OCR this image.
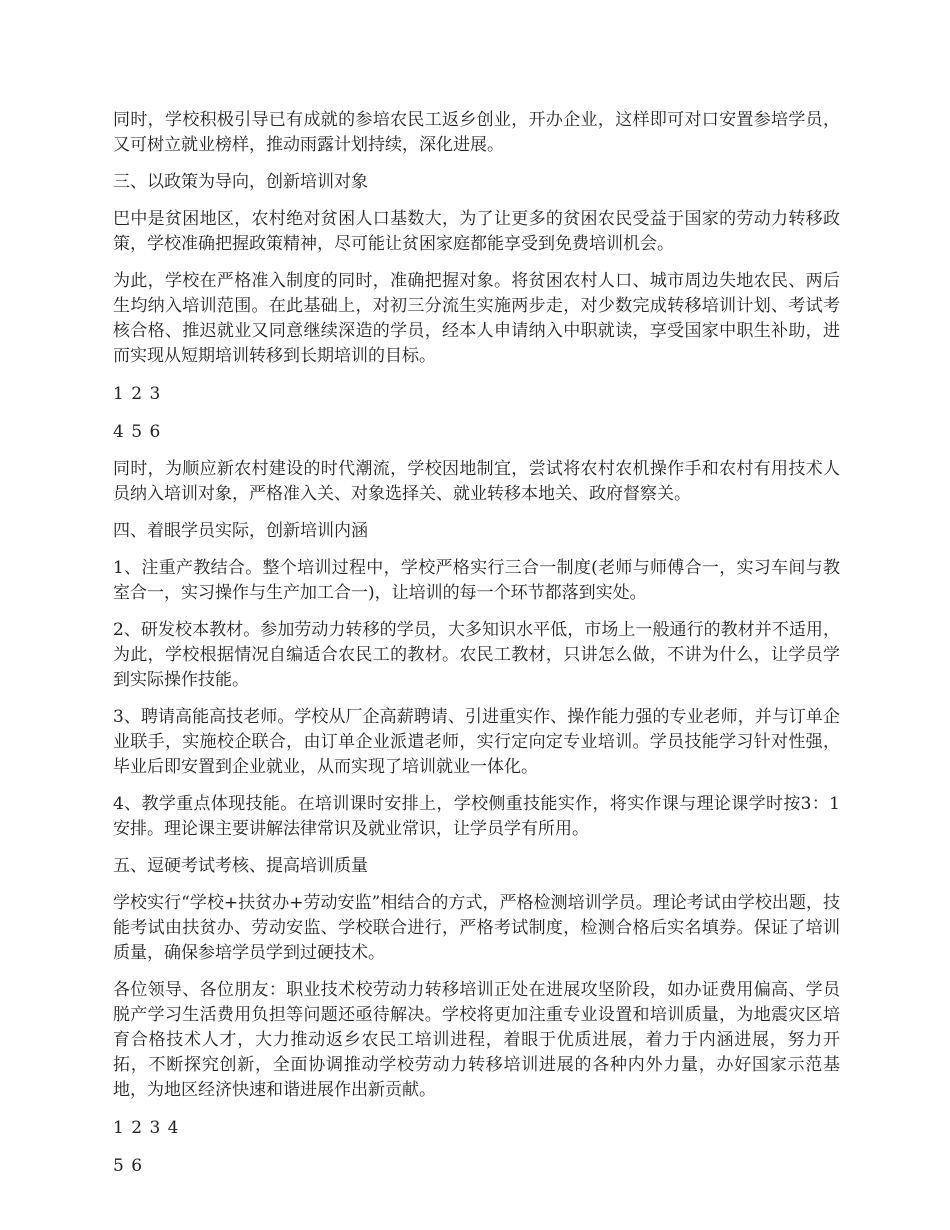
同时，学校积极引导已有成就的参培农民工返乡创业，开办企业，这样即可对口安置参培学员，又可树立就业榜样，推动雨露计划持续，深化进展。

三、以政策为导向，创新培训对象

巴中是贫困地区，农村绝对贫困人口基数大，为了让更多的贫困农民受益于国家的劳动力转移政策，学校准确把握政策精神，尽可能让贫困家庭都能享受到免费培训机会。

为此，学校在严格准入制度的同时，准确把握对象。将贫困农村人口、城市周边失地农民、两后生均纳入培训范围。在此基础上，对初三分流生实施两步走，对少数完成转移培训计划、考试考核合格、推迟就业又同意继续深造的学员，经本人申请纳入中职就读，享受国家中职生补助，进而实现从短期培训转移到长期培训的目标。

1 2 3

4 5 6

同时，为顺应新农村建设的时代潮流，学校因地制宜，尝试将农村农机操作手和农村有用技术人员纳入培训对象，严格准入关、对象选择关、就业转移本地关、政府督察关。

四、着眼学员实际，创新培训内涵

1、注重产教结合。整个培训过程中，学校严格实行三合一制度(老师与师傅合一，实习车间与教室合一，实习操作与生产加工合一)，让培训的每一个环节都落到实处。

2、研发校本教材。参加劳动力转移的学员，大多知识水平低，市场上一般通行的教材并不适用，为此，学校根据情况自编适合农民工的教材。农民工教材，只讲怎么做，不讲为什么，让学员学到实际操作技能。

3、聘请高能高技老师。学校从厂企高薪聘请、引进重实作、操作能力强的专业老师，并与订单企业联手，实施校企联合，由订单企业派遣老师，实行定向定专业培训。学员技能学习针对性强，毕业后即安置到企业就业，从而实现了培训就业一体化。

4、教学重点体现技能。在培训课时安排上，学校侧重技能实作，将实作课与理论课学时按3：1安排。理论课主要讲解法律常识及就业常识，让学员学有所用。

五、逗硬考试考核、提高培训质量

学校实行“学校+扶贫办+劳动安监”相结合的方式，严格检测培训学员。理论考试由学校出题，技能考试由扶贫办、劳动安监、学校联合进行，严格考试制度，检测合格后实名填券。保证了培训质量，确保参培学员学到过硬技术。

各位领导、各位朋友：职业技术校劳动力转移培训正处在进展攻坚阶段，如办证费用偏高、学员脱产学习生活费用负担等问题还亟待解决。学校将更加注重专业设置和培训质量，为地震灾区培育合格技术人才，大力推动返乡农民工培训进程，着眼于优质进展，着力于内涵进展，努力开拓，不断探究创新，全面协调推动学校劳动力转移培训进展的各种内外力量，办好国家示范基地，为地区经济快速和谐进展作出新贡献。

1 2 3 4

5 6
